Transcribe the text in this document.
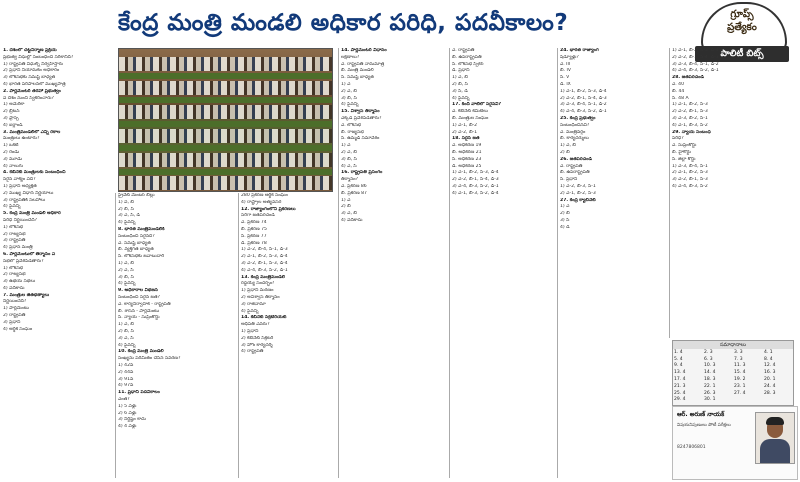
కేంద్ర మంత్రి మండలి అధికార పరిధి, పదవీకాలం?	గ్రూప్స్
ప్రత్యేకం
పాలిటీ బిట్స్

1. దేశంలో చట్టనిర్మాణ ప్రక్రియ

ప్రభుత్వ విధుల్లో సంబంధించి సరికానిది?

1) రాష్ట్రపతి విధుల్ని నిర్వహిస్తారు

2) ప్రధాని నియామకం అధికారం

3) లోక్‌సభకు సమష్టి బాధ్యత

4) భారత పరిపాలనలో ముఖ్యపాత్ర

2. పార్లమెంటరీ తరహా ప్రభుత్వం

ఏ దేశం నుంచి స్వీకరించారు?

1) అమెరికా

2) బ్రిటన్

3) ఫ్రాన్స్

4) ఐర్లాండ్

3. మంత్రిమండలిలో ఎన్ని రకాల

మంత్రులు ఉంటారు?

1) ఒకటి

2) రెండు

3) మూడు

4) నాలుగు

4. కేబినెట్ మంత్రులకు సంబంధించి

సరైన వాక్యం ఏది?

1) ప్రధాని అధ్యక్షత

2) ముఖ్య విధాన నిర్ణయాలు

3) రాష్ట్రపతికి సలహాలు

4) పైవన్నీ

5. కేంద్ర మంత్రి మండలి అధికార

పరిధి నిర్ణయించేది?

1) లోక్‌సభ

2) రాజ్యసభ

3) రాష్ట్రపతి

4) ప్రధాన మంత్రి

6. పార్లమెంటులో తీర్మానం ఏ

సభలో ప్రవేశపెడతారు?

1) లోక్‌సభ

2) రాజ్యసభ

3) ఉభయ సభలు

4) ఏదీకాదు

7. మంత్రుల జీతభత్యాలు

నిర్ణయించేది?

1) పార్లమెంటు

2) రాష్ట్రపతి

3) ప్రధాని

4) ఆర్థిక సంఘం

ప్రైవేట్ మెంబర్ బిల్లు

1) ఏ, బి

2) బి, సి

3) ఎ, సి, డి

4) పైవన్నీ

8. భారత మంత్రిమండలికి

సంబంధించి సరైనది?

ఎ. సమష్టి బాధ్యత

బి. వ్యక్తిగత బాధ్యత

సి. లోక్‌సభకు జవాబుదారీ

1) ఎ, బి

2) ఎ, సి

3) బి, సి

4) పైవన్నీ

9. అధికారాల విభజన

సంబంధించి సరైన జత?

ఎ. కార్యనిర్వాహక - రాష్ట్రపతి

బి. శాసన - పార్లమెంటు

సి. న్యాయ - సుప్రీంకోర్టు

1) ఎ, బి

2) బి, సి

3) ఎ, సి

4) పైవన్నీ

10. కేంద్ర మంత్రి మండలి

సంఖ్యను పరిమితం చేసిన సవరణ?

1) 42వ

2) 44వ

3) 91వ

4) 97వ

11. ప్రధాని పదవీకాలం

ఎంత?

1) 5 ఏళ్లు

2) 6 ఏళ్లు

3) నిర్దిష్టం కాదు

4) 4 ఏళ్లు

280 ప్రకరణ ఆర్థిక సంఘం

4) రాష్ట్రాల అత్యవసర

12. రాజ్యాంగంలోని ప్రకరణలు

సరిగా జతపరచండి

ఎ. ప్రకరణ 74

బి. ప్రకరణ 75

సి. ప్రకరణ 77

డి. ప్రకరణ 78

1) ఎ-2, బి-4, సి-1, డి-3

2) ఎ-1, బి-2, సి-3, డి-4

3) ఎ-2, బి-1, సి-3, డి-4

4) ఎ-4, బి-3, సి-2, డి-1

13. కేంద్ర మంత్రిమండలి

రద్దయ్యే సందర్భం?

1) ప్రధాని మరణం

2) అవిశ్వాస తీర్మానం

3) రాజీనామా

4) పైవన్నీ

14. కేబినెట్ సెక్రటేరియట్

అధిపతి ఎవరు?

1) ప్రధాని

2) కేబినెట్ సెక్రటరీ

3) హోం కార్యదర్శి

4) రాష్ట్రపతి

14. పార్లమెంటరీ విధానం

లక్షణాలు?

ఎ. రాష్ట్రపతి నామమాత్ర

బి. మంత్రి మండలి

సి. సమష్టి బాధ్యత

1) ఎ

2) ఎ, బి

3) బి, సి

4) పైవన్నీ

15. విశ్వాస తీర్మానం

ఎక్కడ ప్రవేశపెడతారు?

ఎ. లోక్‌సభ

బి. రాజ్యసభ

సి. ఉమ్మడి సమావేశం

1) ఎ

2) ఎ, బి

3) బి, సి

4) ఎ, సి

16. రాష్ట్రపతి ప్రసంగం

తీర్మానం?

ఎ. ప్రకరణ 86

బి. ప్రకరణ 87

1) ఎ

2) బి

3) ఎ, బి

4) ఏదీకాదు

ఎ. రాష్ట్రపతి

బి. ఉపరాష్ట్రపతి

సి. లోక్‌సభ స్పీకర్

డి. ప్రధాని

1) ఎ, బి

2) బి, సి

3) సి, డి

4) పైవన్నీ

17. కింది వాటిలో సరైనవి?

ఎ. కేబినెట్ కమిటీలు

బి. మంత్రుల సంఘం

1) ఎ-1, బి-2

2) ఎ-2, బి-1

18. సరైన జత

ఎ. అధికరణ 19

బి. అధికరణ 21

సి. అధికరణ 23

డి. అధికరణ 25

1) ఎ-1, బి-2, సి-3, డి-4

2) ఎ-2, బి-1, సి-4, డి-3

3) ఎ-4, బి-3, సి-2, డి-1

4) ఎ-1, బి-3, సి-2, డి-4

24. భారత రాజ్యాంగ

షెడ్యూళ్లు?

ఎ. III

బి. IV

సి. V

డి. IX

1) ఎ-1, బి-2, సి-3, డి-4

2) ఎ-2, బి-1, సి-4, డి-3

3) ఎ-3, బి-4, సి-1, డి-2

4) ఎ-4, బి-3, సి-2, డి-1

25. కేంద్ర ప్రభుత్వం

సంబంధించినవి?

ఎ. మంత్రివర్గం

బి. కార్యదర్శులు

1) ఎ, బి

2) బి

26. జతపరచండి

ఎ. రాష్ట్రపతి

బి. ఉపరాష్ట్రపతి

సి. ప్రధాని

1) ఎ-2, బి-3, సి-1

2) ఎ-1, బి-2, సి-3

27. కేంద్ర క్యాబినెట్

1) ఎ

2) బి

3) సి

4) డి

1) ఎ-1, బి-2, సి-3, డి-4

2) ఎ-2, బి-1, సి-4, డి-3

3) ఎ-3, బి-4, సి-1, డి-2

4) ఎ-4, బి-3, సి-2, డి-1

28. జతపరచండి

ఎ. 40

బి. 44

సి. 48 A

1) ఎ-1, బి-2, సి-3

2) ఎ-2, బి-1, సి-3

3) ఎ-3, బి-2, సి-1

4) ఎ-1, బి-3, సి-2

29. న్యాయ సంబంధ

పరిధి?

ఎ. సుప్రీంకోర్టు

బి. హైకోర్టు

సి. జిల్లా కోర్టు

1) ఎ-3, బి-4, సి-1

2) ఎ-1, బి-2, సి-3

3) ఎ-2, బి-1, సి-3

4) ఎ-4, బి-3, సి-2

సమాధానాలు
1. 4	2. 3	3. 3	4. 1
5. 4	6. 3	7. 3	8. 4
9. 4	10. 3	11. 3	12. 4
13. 4	14. 4	15. 4	16. 3
17. 4	18. 3	19. 2	20. 1
21. 3	22. 1	23. 1	24. 4
25. 4	26. 3	27. 4	28. 3
29. 4	30. 1		
ఆర్. అరుణ్ నాయక్
విషయనిపుణులు పోటీ పరీక్షలు
8247806801
